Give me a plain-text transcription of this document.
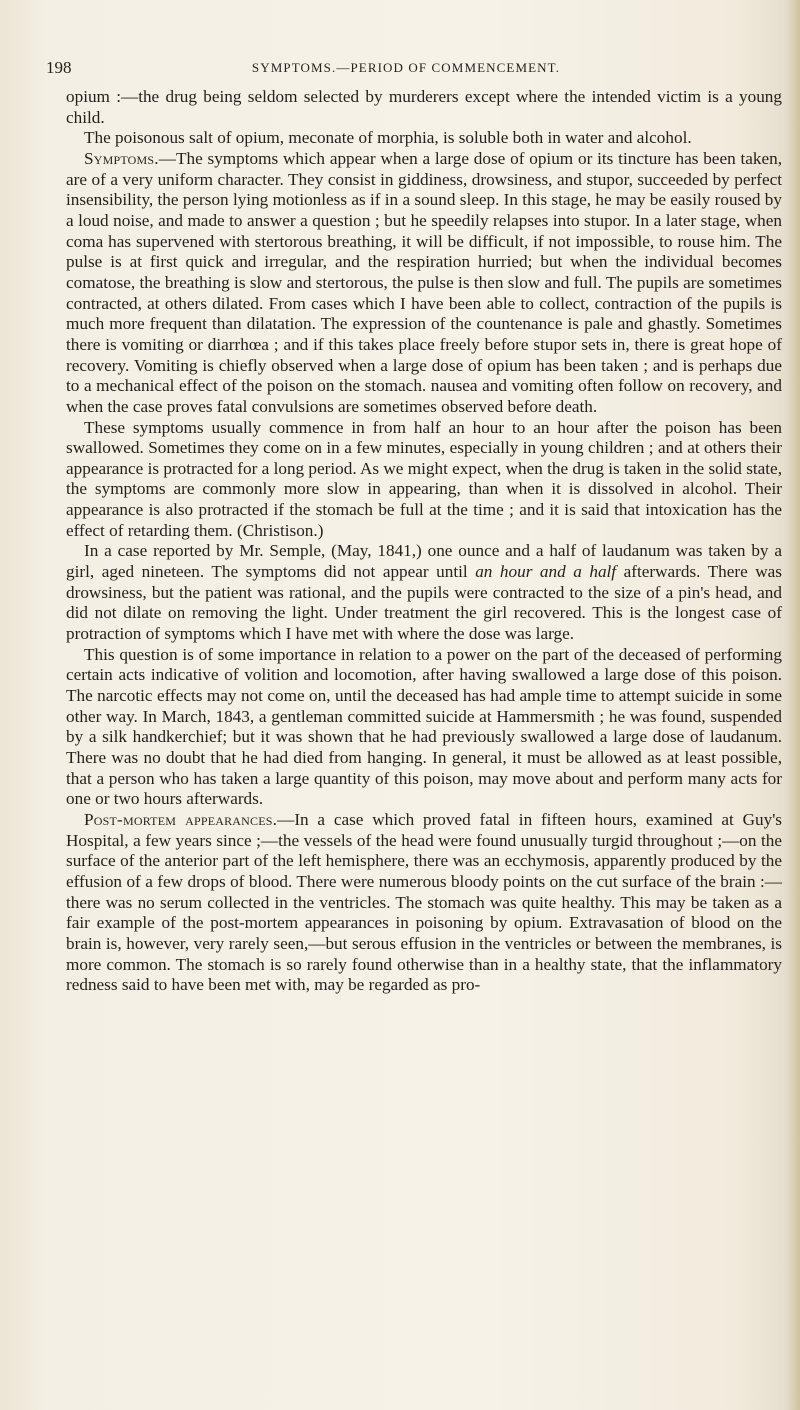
198	SYMPTOMS.—PERIOD OF COMMENCEMENT.

opium :—the drug being seldom selected by murderers except where the intended victim is a young child.

The poisonous salt of opium, meconate of morphia, is soluble both in water and alcohol.

Symptoms.—The symptoms which appear when a large dose of opium or its tincture has been taken, are of a very uniform character. They consist in giddiness, drowsiness, and stupor, succeeded by perfect insensibility, the person lying motionless as if in a sound sleep. In this stage, he may be easily roused by a loud noise, and made to answer a question ; but he speedily relapses into stupor. In a later stage, when coma has supervened with stertorous breathing, it will be difficult, if not impossible, to rouse him. The pulse is at first quick and irregular, and the respiration hurried; but when the individual becomes comatose, the breathing is slow and stertorous, the pulse is then slow and full. The pupils are sometimes contracted, at others dilated. From cases which I have been able to collect, contraction of the pupils is much more frequent than dilatation. The expression of the countenance is pale and ghastly. Sometimes there is vomiting or diarrhœa ; and if this takes place freely before stupor sets in, there is great hope of recovery. Vomiting is chiefly observed when a large dose of opium has been taken ; and is perhaps due to a mechanical effect of the poison on the stomach. nausea and vomiting often follow on recovery, and when the case proves fatal convulsions are sometimes observed before death.

These symptoms usually commence in from half an hour to an hour after the poison has been swallowed. Sometimes they come on in a few minutes, especially in young children ; and at others their appearance is protracted for a long period. As we might expect, when the drug is taken in the solid state, the symptoms are commonly more slow in appearing, than when it is dissolved in alcohol. Their appearance is also protracted if the stomach be full at the time ; and it is said that intoxication has the effect of retarding them. (Christison.)

In a case reported by Mr. Semple, (May, 1841,) one ounce and a half of laudanum was taken by a girl, aged nineteen. The symptoms did not appear until an hour and a half afterwards. There was drowsiness, but the patient was rational, and the pupils were contracted to the size of a pin's head, and did not dilate on removing the light. Under treatment the girl recovered. This is the longest case of protraction of symptoms which I have met with where the dose was large.

This question is of some importance in relation to a power on the part of the deceased of performing certain acts indicative of volition and locomotion, after having swallowed a large dose of this poison. The narcotic effects may not come on, until the deceased has had ample time to attempt suicide in some other way. In March, 1843, a gentleman committed suicide at Hammersmith ; he was found, suspended by a silk handkerchief; but it was shown that he had previously swallowed a large dose of laudanum. There was no doubt that he had died from hanging. In general, it must be allowed as at least possible, that a person who has taken a large quantity of this poison, may move about and perform many acts for one or two hours afterwards.

Post-mortem appearances.—In a case which proved fatal in fifteen hours, examined at Guy's Hospital, a few years since ;—the vessels of the head were found unusually turgid throughout ;—on the surface of the anterior part of the left hemisphere, there was an ecchymosis, apparently produced by the effusion of a few drops of blood. There were numerous bloody points on the cut surface of the brain :—there was no serum collected in the ventricles. The stomach was quite healthy. This may be taken as a fair example of the post-mortem appearances in poisoning by opium. Extravasation of blood on the brain is, however, very rarely seen,—but serous effusion in the ventricles or between the membranes, is more common. The stomach is so rarely found otherwise than in a healthy state, that the inflammatory redness said to have been met with, may be regarded as pro-
